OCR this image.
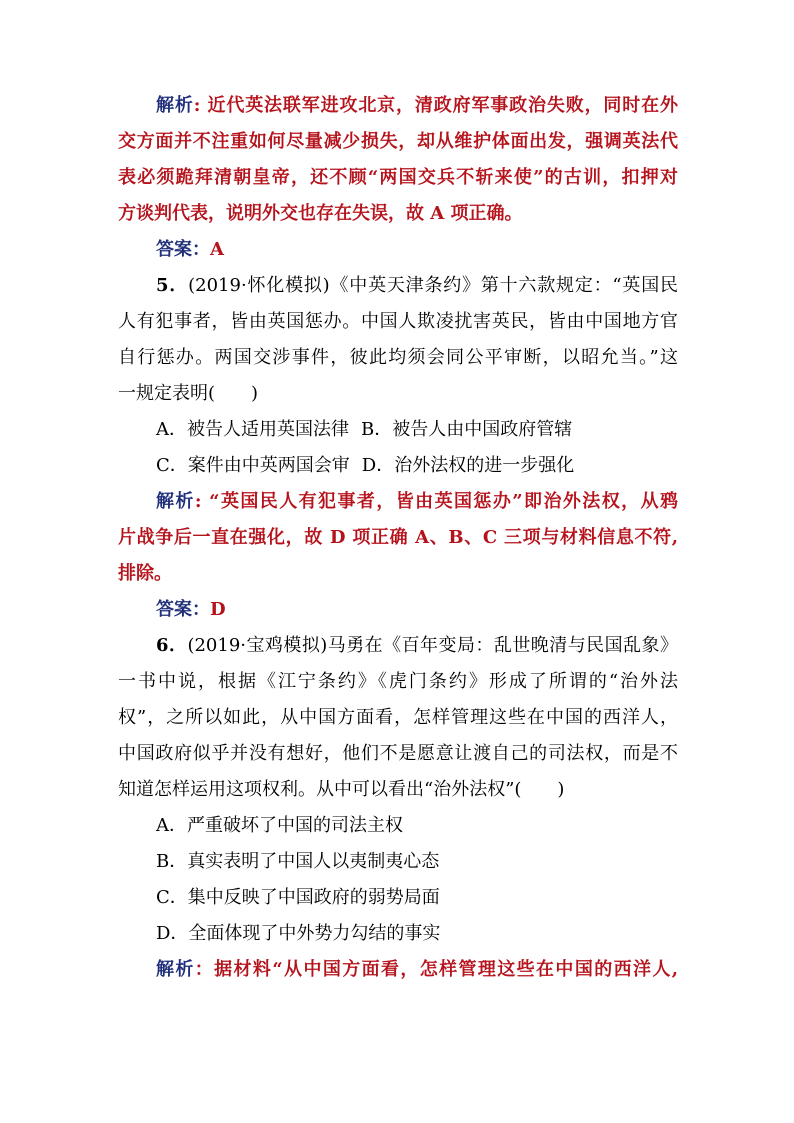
解析: 近代英法联军进攻北京，清政府军事政治失败，同时在外
交方面并不注重如何尽量减少损失，却从维护体面出发，强调英法代
表必须跪拜清朝皇帝，还不顾“两国交兵不斩来使”的古训，扣押对
方谈判代表，说明外交也存在失误，故 A 项正确。
答案：A
5．(2019·怀化模拟)《中英天津条约》第十六款规定：“英国民
人有犯事者，皆由英国惩办。中国人欺凌扰害英民，皆由中国地方官
自行惩办。两国交涉事件，彼此均须会同公平审断，以昭允当。”这
一规定表明(　　)
A．被告人适用英国法律 B．被告人由中国政府管辖
C．案件由中英两国会审 D．治外法权的进一步强化
解析: “英国民人有犯事者，皆由英国惩办”即治外法权，从鸦
片战争后一直在强化，故 D 项正确 A、B、C 三项与材料信息不符,
排除。
答案：D
6．(2019·宝鸡模拟)马勇在《百年变局：乱世晚清与民国乱象》
一书中说，根据《江宁条约》《虎门条约》形成了所谓的“治外法
权”，之所以如此，从中国方面看，怎样管理这些在中国的西洋人，
中国政府似乎并没有想好，他们不是愿意让渡自己的司法权，而是不
知道怎样运用这项权利。从中可以看出“治外法权”(　　)
A．严重破坏了中国的司法主权
B．真实表明了中国人以夷制夷心态
C．集中反映了中国政府的弱势局面
D．全面体现了中外势力勾结的事实
解析：据材料“从中国方面看，怎样管理这些在中国的西洋人,
